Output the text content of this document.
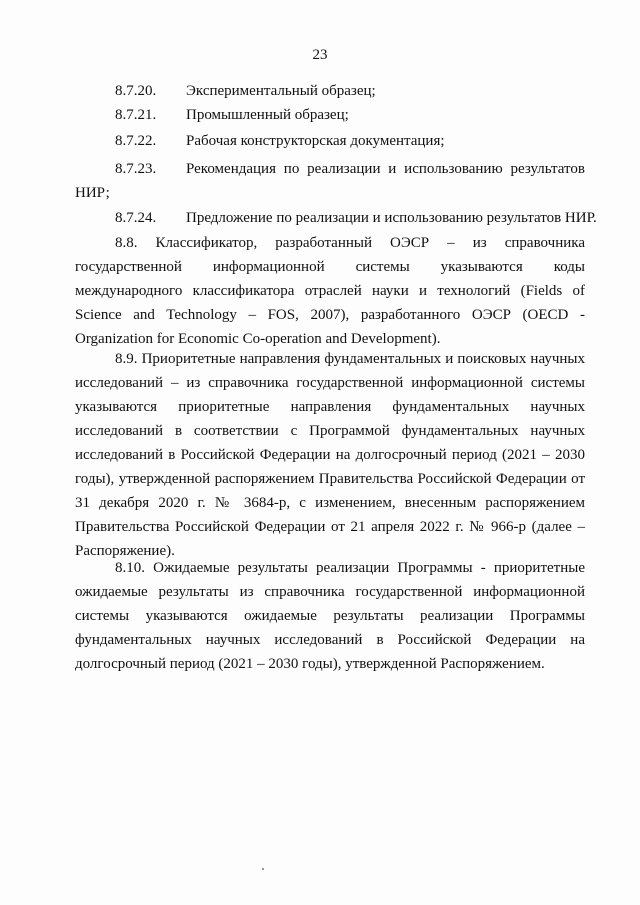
23
8.7.20. Экспериментальный образец;
8.7.21. Промышленный образец;
8.7.22. Рабочая конструкторская документация;
8.7.23. Рекомендация по реализации и использованию результатов
НИР;
8.7.24. Предложение по реализации и использованию результатов НИР.

8.8. Классификатор, разработанный ОЭСР – из справочника государственной информационной системы указываются коды международного классификатора отраслей науки и технологий (Fields of Science and Technology – FOS, 2007), разработанного ОЭСР (OECD - Organization for Economic Co-operation and Development).

8.9. Приоритетные направления фундаментальных и поисковых научных исследований – из справочника государственной информационной системы указываются приоритетные направления фундаментальных научных исследований в соответствии с Программой фундаментальных научных исследований в Российской Федерации на долгосрочный период (2021 – 2030 годы), утвержденной распоряжением Правительства Российской Федерации от 31 декабря 2020 г. № 3684-р, с изменением, внесенным распоряжением Правительства Российской Федерации от 21 апреля 2022 г. № 966-р (далее – Распоряжение).

8.10. Ожидаемые результаты реализации Программы - приоритетные ожидаемые результаты из справочника государственной информационной системы указываются ожидаемые результаты реализации Программы фундаментальных научных исследований в Российской Федерации на долгосрочный период (2021 – 2030 годы), утвержденной Распоряжением.
